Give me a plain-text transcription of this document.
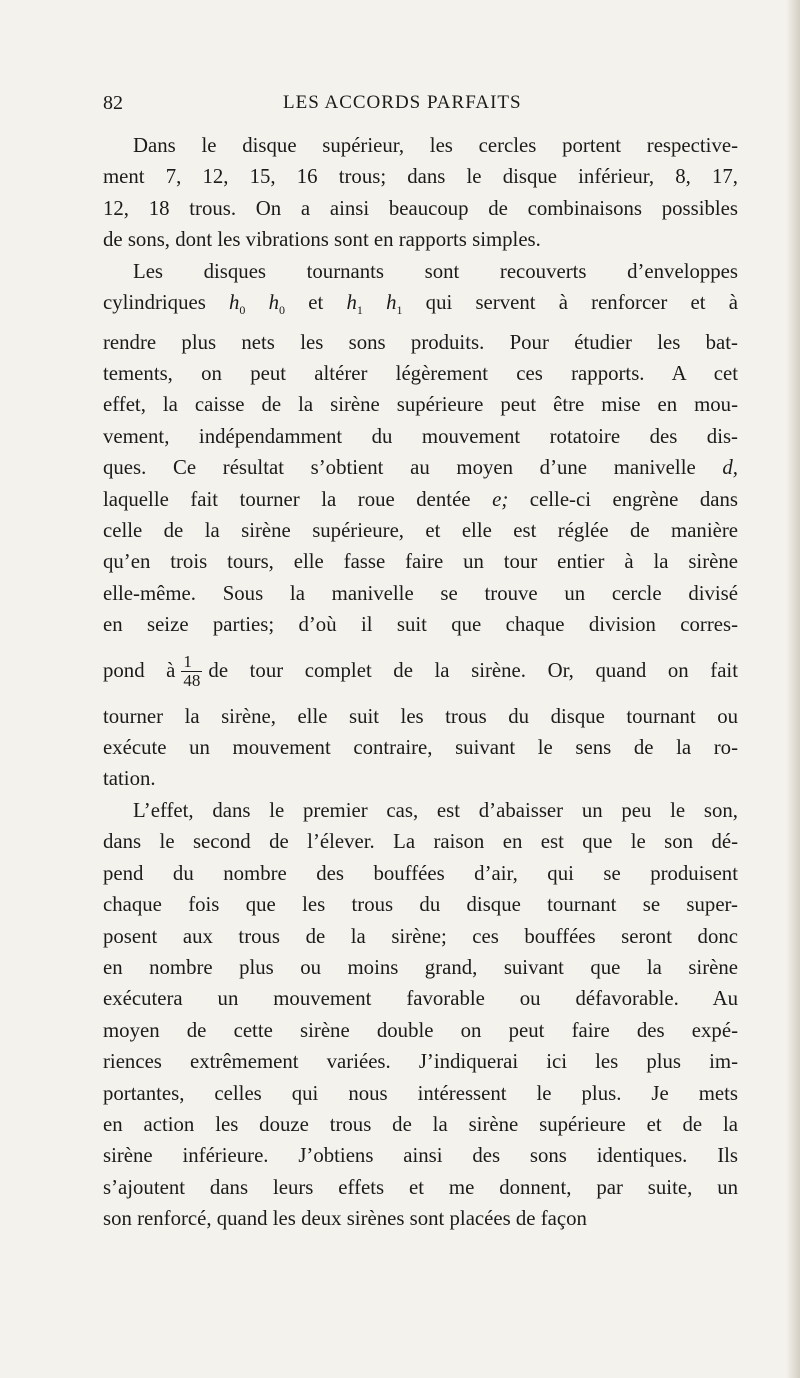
82	LES ACCORDS PARFAITS

Dans le disque supérieur, les cercles portent respective-
ment 7, 12, 15, 16 trous; dans le disque inférieur, 8, 17,
12, 18 trous. On a ainsi beaucoup de combinaisons possibles
de sons, dont les vibrations sont en rapports simples.

Les disques tournants sont recouverts d’enveloppes
cylindriques $h_0$ $h_0$ et $h_1$ $h_1$ qui servent à renforcer et à
rendre plus nets les sons produits. Pour étudier les bat-
tements, on peut altérer légèrement ces rapports. A cet
effet, la caisse de la sirène supérieure peut être mise en mou-
vement, indépendamment du mouvement rotatoire des dis-
ques. Ce résultat s’obtient au moyen d’une manivelle d,
laquelle fait tourner la roue dentée e; celle-ci engrène dans
celle de la sirène supérieure, et elle est réglée de manière
qu’en trois tours, elle fasse faire un tour entier à la sirène
elle-même. Sous la manivelle se trouve un cercle divisé
en seize parties; d’où il suit que chaque division corres-
pond à $\frac{1}{48}$ de tour complet de la sirène. Or, quand on fait
tourner la sirène, elle suit les trous du disque tournant ou
exécute un mouvement contraire, suivant le sens de la ro-
tation.

L’effet, dans le premier cas, est d’abaisser un peu le son,
dans le second de l’élever. La raison en est que le son dé-
pend du nombre des bouffées d’air, qui se produisent
chaque fois que les trous du disque tournant se super-
posent aux trous de la sirène; ces bouffées seront donc
en nombre plus ou moins grand, suivant que la sirène
exécutera un mouvement favorable ou défavorable. Au
moyen de cette sirène double on peut faire des expé-
riences extrêmement variées. J’indiquerai ici les plus im-
portantes, celles qui nous intéressent le plus. Je mets
en action les douze trous de la sirène supérieure et de la
sirène inférieure. J’obtiens ainsi des sons identiques. Ils
s’ajoutent dans leurs effets et me donnent, par suite, un
son renforcé, quand les deux sirènes sont placées de façon
